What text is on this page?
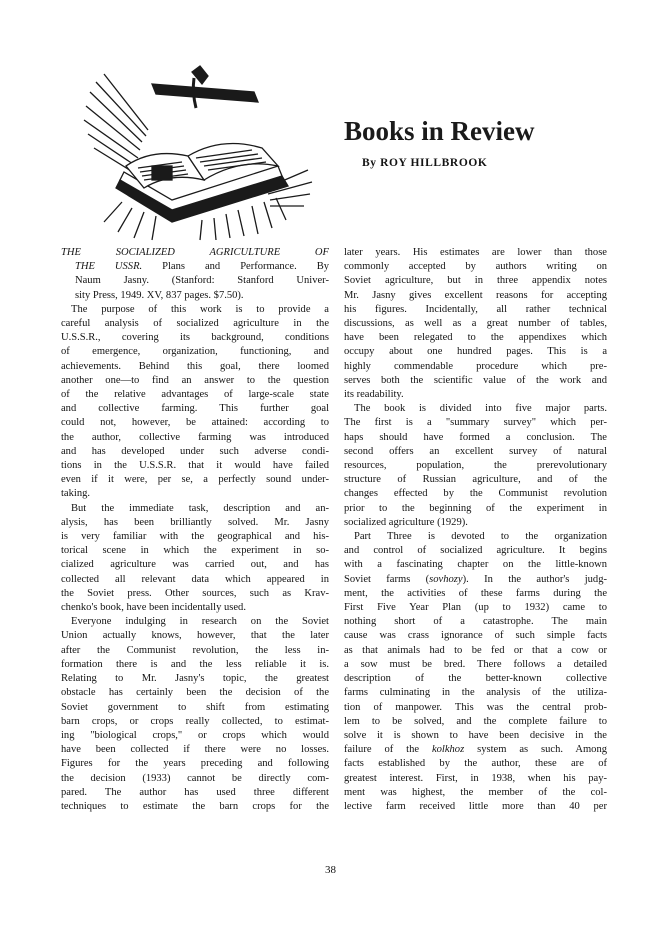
Books in Review
By ROY HILLBROOK
THE SOCIALIZED AGRICULTURE OF
THE USSR. Plans and Performance. By
Naum Jasny. (Stanford: Stanford Univer-
sity Press, 1949. XV, 837 pages. $7.50).
The purpose of this work is to provide a
careful analysis of socialized agriculture in the
U.S.S.R., covering its background, conditions
of emergence, organization, functioning, and
achievements. Behind this goal, there loomed
another one—to find an answer to the question
of the relative advantages of large-scale state
and collective farming. This further goal
could not, however, be attained: according to
the author, collective farming was introduced
and has developed under such adverse condi-
tions in the U.S.S.R. that it would have failed
even if it were, per se, a perfectly sound under-
taking.
But the immediate task, description and an-
alysis, has been brilliantly solved. Mr. Jasny
is very familiar with the geographical and his-
torical scene in which the experiment in so-
cialized agriculture was carried out, and has
collected all relevant data which appeared in
the Soviet press. Other sources, such as Krav-
chenko's book, have been incidentally used.
Everyone indulging in research on the Soviet
Union actually knows, however, that the later
after the Communist revolution, the less in-
formation there is and the less reliable it is.
Relating to Mr. Jasny's topic, the greatest
obstacle has certainly been the decision of the
Soviet government to shift from estimating
barn crops, or crops really collected, to estimat-
ing "biological crops," or crops which would
have been collected if there were no losses.
Figures for the years preceding and following
the decision (1933) cannot be directly com-
pared. The author has used three different
techniques to estimate the barn crops for the
later years. His estimates are lower than those
commonly accepted by authors writing on
Soviet agriculture, but in three appendix notes
Mr. Jasny gives excellent reasons for accepting
his figures. Incidentally, all rather technical
discussions, as well as a great number of tables,
have been relegated to the appendixes which
occupy about one hundred pages. This is a
highly commendable procedure which pre-
serves both the scientific value of the work and
its readability.
The book is divided into five major parts.
The first is a "summary survey" which per-
haps should have formed a conclusion. The
second offers an excellent survey of natural
resources, population, the prerevolutionary
structure of Russian agriculture, and of the
changes effected by the Communist revolution
prior to the beginning of the experiment in
socialized agriculture (1929).
Part Three is devoted to the organization
and control of socialized agriculture. It begins
with a fascinating chapter on the little-known
Soviet farms (sovhozy). In the author's judg-
ment, the activities of these farms during the
First Five Year Plan (up to 1932) came to
nothing short of a catastrophe. The main
cause was crass ignorance of such simple facts
as that animals had to be fed or that a cow or
a sow must be bred. There follows a detailed
description of the better-known collective
farms culminating in the analysis of the utiliza-
tion of manpower. This was the central prob-
lem to be solved, and the complete failure to
solve it is shown to have been decisive in the
failure of the kolkhoz system as such. Among
facts established by the author, these are of
greatest interest. First, in 1938, when his pay-
ment was highest, the member of the col-
lective farm received little more than 40 per
38
